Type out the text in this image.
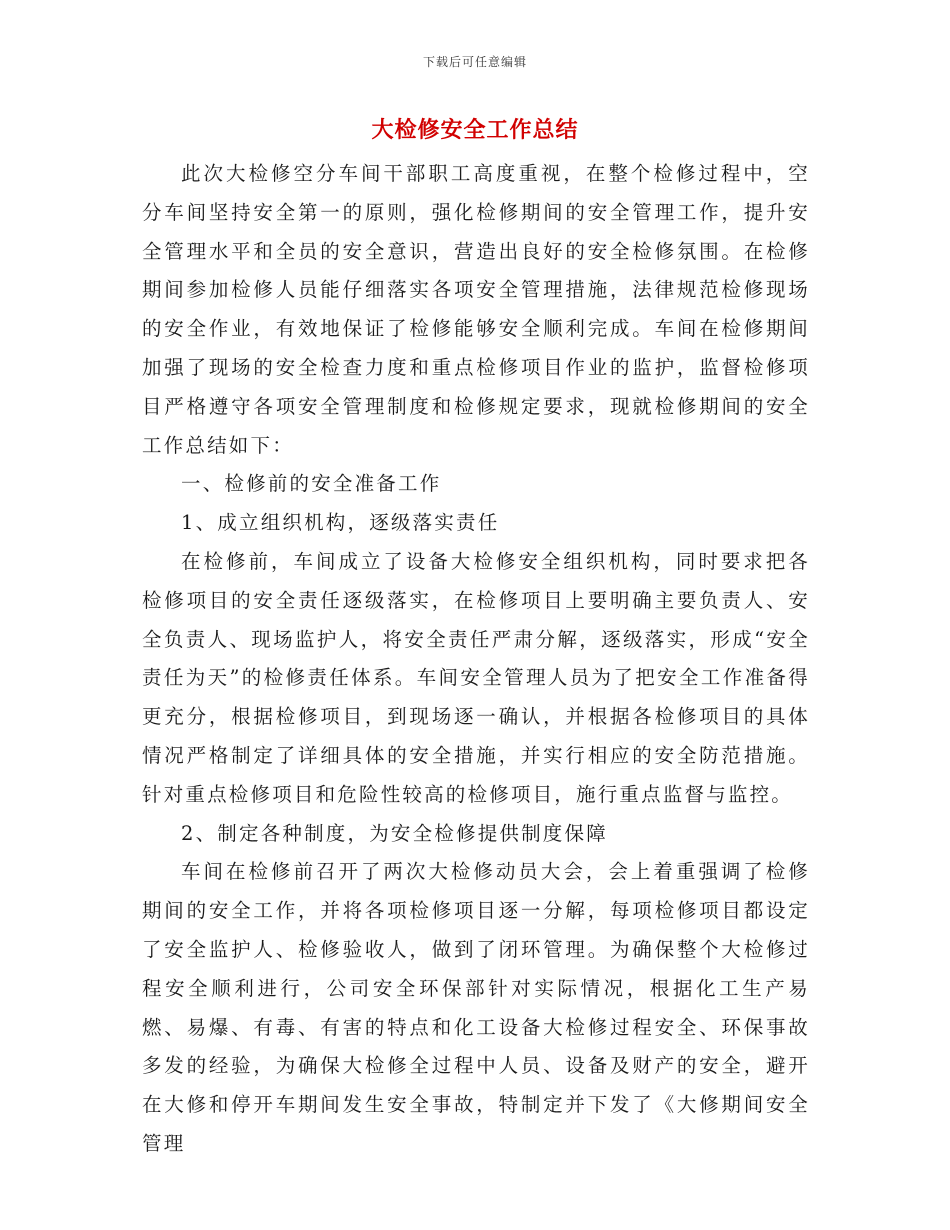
下载后可任意编辑
大检修安全工作总结

此次大检修空分车间干部职工高度重视，在整个检修过程中，空分车间坚持安全第一的原则，强化检修期间的安全管理工作，提升安全管理水平和全员的安全意识，营造出良好的安全检修氛围。在检修期间参加检修人员能仔细落实各项安全管理措施，法律规范检修现场的安全作业，有效地保证了检修能够安全顺利完成。车间在检修期间加强了现场的安全检查力度和重点检修项目作业的监护，监督检修项目严格遵守各项安全管理制度和检修规定要求，现就检修期间的安全工作总结如下：

一、检修前的安全准备工作

1、成立组织机构，逐级落实责任

在检修前，车间成立了设备大检修安全组织机构，同时要求把各检修项目的安全责任逐级落实，在检修项目上要明确主要负责人、安全负责人、现场监护人，将安全责任严肃分解，逐级落实，形成“安全责任为天”的检修责任体系。车间安全管理人员为了把安全工作准备得更充分，根据检修项目，到现场逐一确认，并根据各检修项目的具体情况严格制定了详细具体的安全措施，并实行相应的安全防范措施。针对重点检修项目和危险性较高的检修项目，施行重点监督与监控。

2、制定各种制度，为安全检修提供制度保障

车间在检修前召开了两次大检修动员大会，会上着重强调了检修期间的安全工作，并将各项检修项目逐一分解，每项检修项目都设定了安全监护人、检修验收人，做到了闭环管理。为确保整个大检修过程安全顺利进行，公司安全环保部针对实际情况，根据化工生产易燃、易爆、有毒、有害的特点和化工设备大检修过程安全、环保事故多发的经验，为确保大检修全过程中人员、设备及财产的安全，避开在大修和停开车期间发生安全事故，特制定并下发了《大修期间安全管理
